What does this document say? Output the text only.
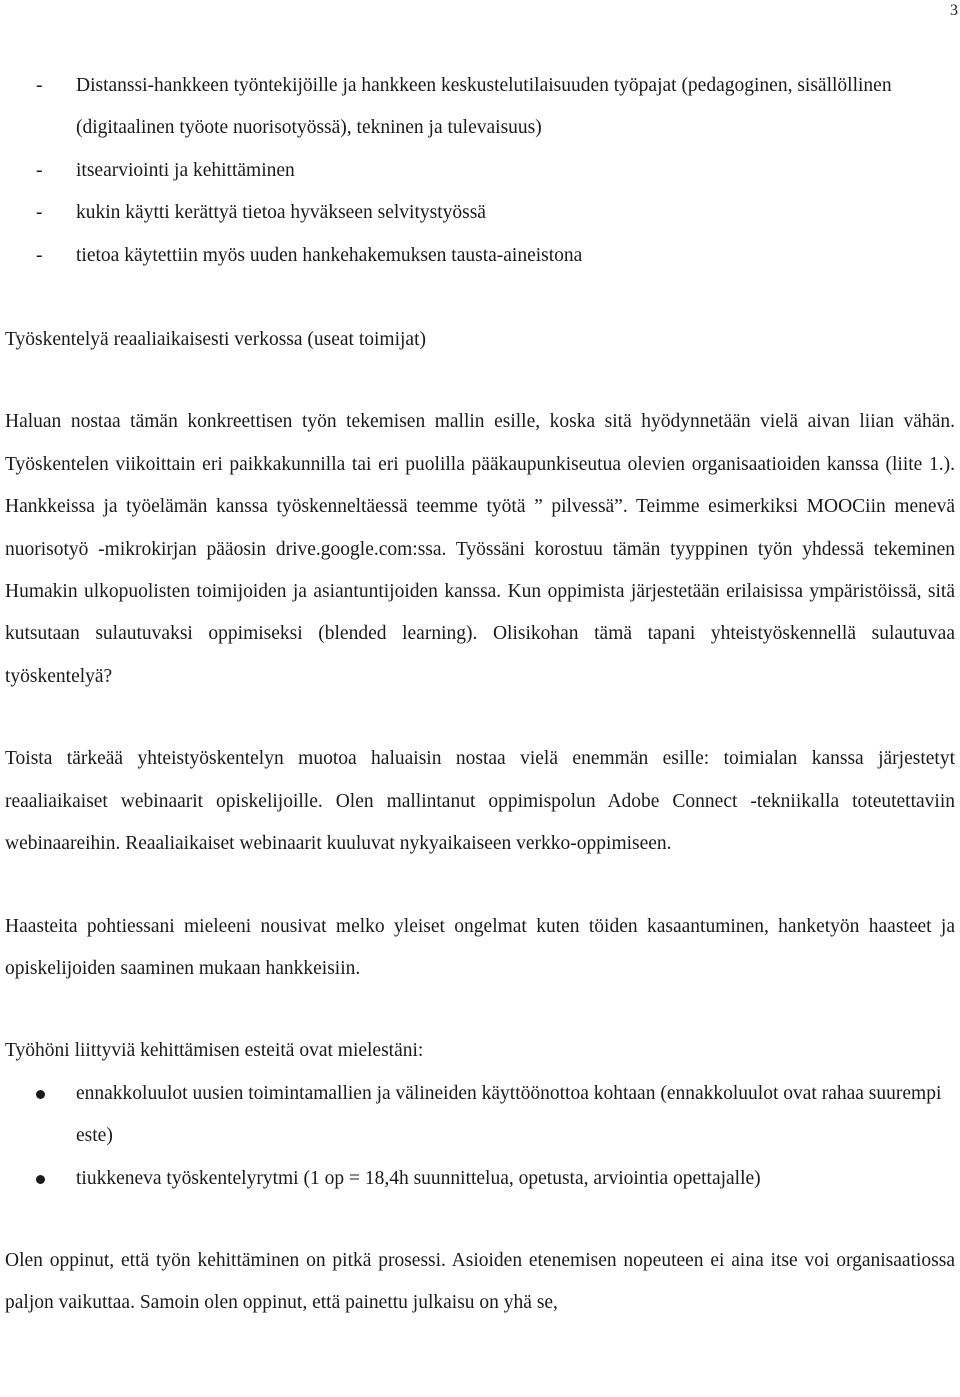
3
- Distanssi-hankkeen työntekijöille ja hankkeen keskustelutilaisuuden työpajat (pedagoginen, sisällöllinen (digitaalinen työote nuorisotyössä), tekninen ja tulevaisuus)
- itsearviointi ja kehittäminen
- kukin käytti kerättyä tietoa hyväkseen selvitystyössä
- tietoa käytettiin myös uuden hankehakemuksen tausta-aineistona

Työskentelyä reaaliaikaisesti verkossa (useat toimijat)

Haluan nostaa tämän konkreettisen työn tekemisen mallin esille, koska sitä hyödynnetään vielä aivan liian vähän. Työskentelen viikoittain eri paikkakunnilla tai eri puolilla pääkaupunkiseutua olevien organisaatioiden kanssa (liite 1.). Hankkeissa ja työelämän kanssa työskenneltäessä teemme työtä ” pilvessä”. Teimme esimerkiksi MOOCiin menevä nuorisotyö -mikrokirjan pääosin drive.google.com:ssa. Työssäni korostuu tämän tyyppinen työn yhdessä tekeminen Humakin ulkopuolisten toimijoiden ja asiantuntijoiden kanssa. Kun oppimista järjestetään erilaisissa ympäristöissä, sitä kutsutaan sulautuvaksi oppimiseksi (blended learning). Olisikohan tämä tapani yhteistyöskennellä sulautuvaa työskentelyä?

Toista tärkeää yhteistyöskentelyn muotoa haluaisin nostaa vielä enemmän esille: toimialan kanssa järjestetyt reaaliaikaiset webinaarit opiskelijoille. Olen mallintanut oppimispolun Adobe Connect -tekniikalla toteutettaviin webinaareihin. Reaaliaikaiset webinaarit kuuluvat nykyaikaiseen verkko-oppimiseen.

Haasteita pohtiessani mieleeni nousivat melko yleiset ongelmat kuten töiden kasaantuminen, hanketyön haasteet ja opiskelijoiden saaminen mukaan hankkeisiin.

Työhöni liittyviä kehittämisen esteitä ovat mielestäni:

ennakkoluulot uusien toimintamallien ja välineiden käyttöönottoa kohtaan (ennakkoluulot ovat rahaa suurempi este)
tiukkeneva työskentelyrytmi (1 op = 18,4h suunnittelua, opetusta, arviointia opettajalle)

Olen oppinut, että työn kehittäminen on pitkä prosessi. Asioiden etenemisen nopeuteen ei aina itse voi organisaatiossa paljon vaikuttaa. Samoin olen oppinut, että painettu julkaisu on yhä se,
